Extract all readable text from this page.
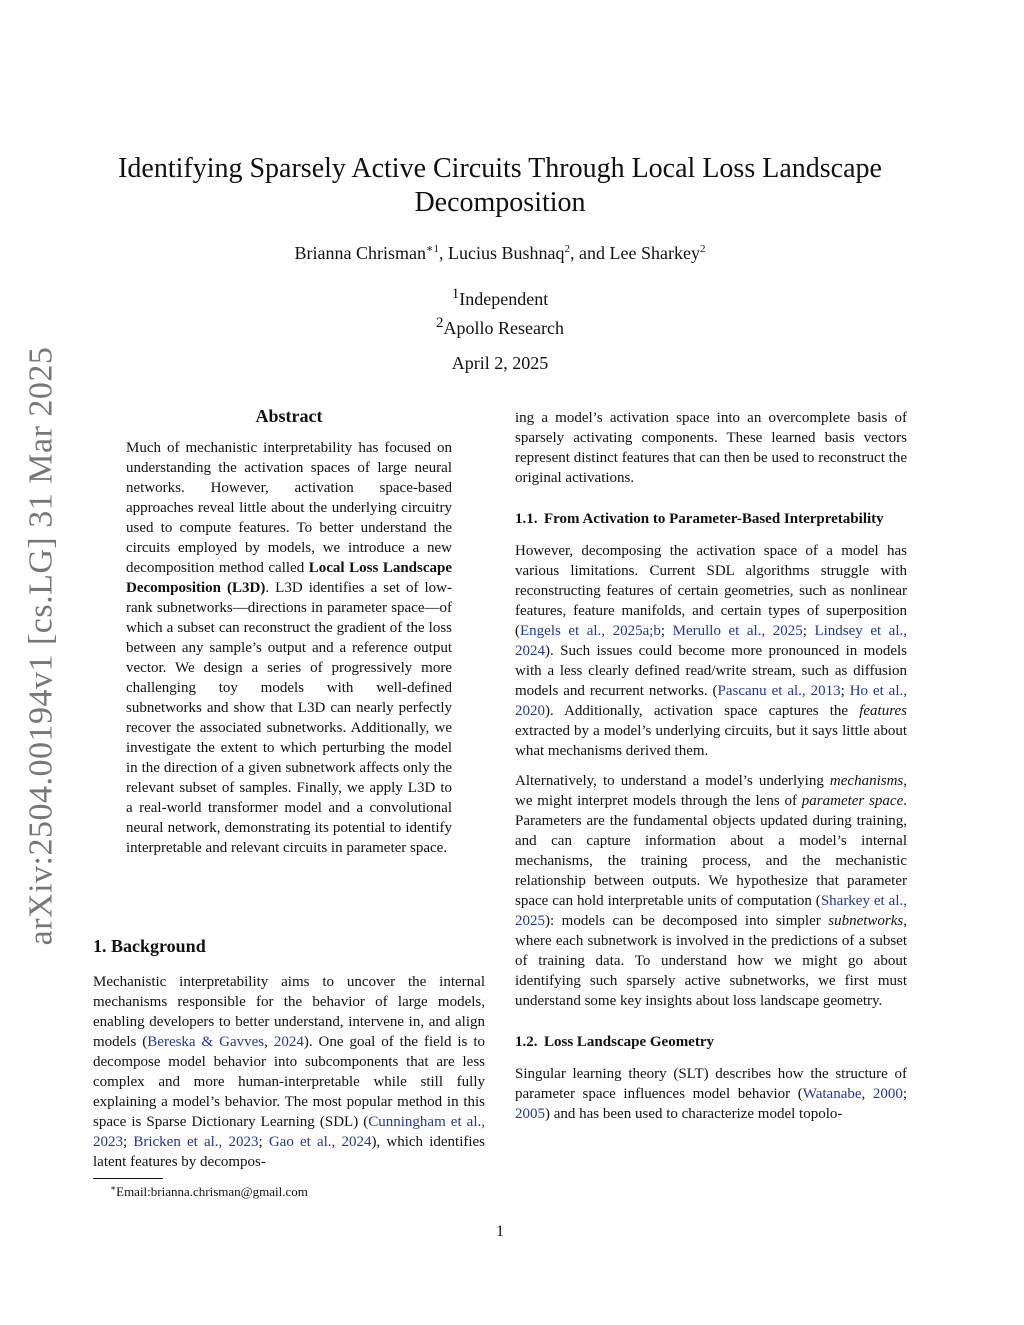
arXiv:2504.00194v1 [cs.LG] 31 Mar 2025
Identifying Sparsely Active Circuits Through Local Loss Landscape Decomposition
Brianna Chrisman$^{∗1}$, Lucius Bushnaq$^2$, and Lee Sharkey$^2$
$^1$Independent
$^2$Apollo Research
April 2, 2025
Abstract

Much of mechanistic interpretability has focused on understanding the activation spaces of large neural networks. However, activation space-based approaches reveal little about the underlying circuitry used to compute features. To better understand the circuits employed by models, we introduce a new decomposition method called Local Loss Landscape Decomposition (L3D). L3D identifies a set of low-rank subnetworks—directions in parameter space—of which a subset can reconstruct the gradient of the loss between any sample’s output and a reference output vector. We design a series of progressively more challenging toy models with well-defined subnetworks and show that L3D can nearly perfectly recover the associated subnetworks. Additionally, we investigate the extent to which perturbing the model in the direction of a given subnetwork affects only the relevant subset of samples. Finally, we apply L3D to a real-world transformer model and a convolutional neural network, demonstrating its potential to identify interpretable and relevant circuits in parameter space.

1. Background

Mechanistic interpretability aims to uncover the internal mechanisms responsible for the behavior of large models, enabling developers to better understand, intervene in, and align models (Bereska & Gavves, 2024). One goal of the field is to decompose model behavior into subcomponents that are less complex and more human-interpretable while still fully explaining a model’s behavior. The most popular method in this space is Sparse Dictionary Learning (SDL) (Cunningham et al., 2023; Bricken et al., 2023; Gao et al., 2024), which identifies latent features by decompos-

ing a model’s activation space into an overcomplete basis of sparsely activating components. These learned basis vectors represent distinct features that can then be used to reconstruct the original activations.

1.1. From Activation to Parameter-Based Interpretability

However, decomposing the activation space of a model has various limitations. Current SDL algorithms struggle with reconstructing features of certain geometries, such as nonlinear features, feature manifolds, and certain types of superposition (Engels et al., 2025a;b; Merullo et al., 2025; Lindsey et al., 2024). Such issues could become more pronounced in models with a less clearly defined read/write stream, such as diffusion models and recurrent networks. (Pascanu et al., 2013; Ho et al., 2020). Additionally, activation space captures the features extracted by a model’s underlying circuits, but it says little about what mechanisms derived them.

Alternatively, to understand a model’s underlying mechanisms, we might interpret models through the lens of parameter space. Parameters are the fundamental objects updated during training, and can capture information about a model’s internal mechanisms, the training process, and the mechanistic relationship between outputs. We hypothesize that parameter space can hold interpretable units of computation (Sharkey et al., 2025): models can be decomposed into simpler subnetworks, where each subnetwork is involved in the predictions of a subset of training data. To understand how we might go about identifying such sparsely active subnetworks, we first must understand some key insights about loss landscape geometry.

1.2. Loss Landscape Geometry

Singular learning theory (SLT) describes how the structure of parameter space influences model behavior (Watanabe, 2000; 2005) and has been used to characterize model topolo-

∗Email:brianna.chrisman@gmail.com
1
